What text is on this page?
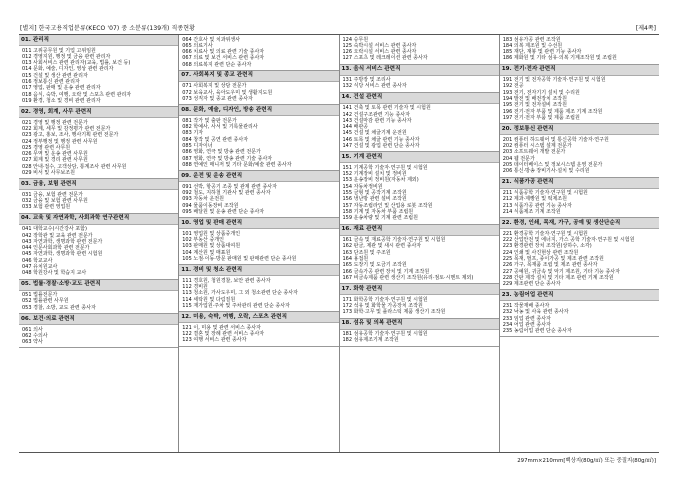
[별지] 한국고용직업분류(KECO '07) 중 소분류(139개) 직종현황	[제4쪽]
01. 관리직
011 고위공무원 및 기업 고위임원
012 경영지원, 행정 및 금융 관련 관리자
013 사회서비스 관련 관리자(교육, 법률, 보건 등)
014 문화, 예술, 디자인, 영상 관련 관리자
015 건설 및 생산 관련 관리자
016 정보통신 관련 관리자
017 영업, 판매 및 운송 관련 관리자
018 음식, 숙박, 여행, 오락 및 스포츠 관련 관리자
019 환경, 청소 및 경비 관련 관리자
02. 경영, 회계, 사무 관련직
021 경영 및 행정 관련 전문가
022 회계, 세무 및 감정평가 관련 전문가
023 광고, 홍보, 조사, 행사기획 관련 전문가
024 정부행정 및 행정 관련 사무원
025 경영 관련 사무원
026 무역 및 운송 관련 사무원
027 회계 및 경리 관련 사무원
028 안내·접수, 고객상담, 통계조사 관련 사무원
029 비서 및 사무보조원
03. 금융, 보험 관련직
031 금융, 보험 관련 전문가
032 금융 및 보험 관련 사무원
033 보험 관련 영업원
04. 교육 및 자연과학, 사회과학 연구관련직
041 대학교수(시간강사 포함)
042 장학관 및 교육 관련 전문가
043 자연과학, 생명과학 관련 전문가
044 인문사회과학 관련 전문가
045 자연과학, 생명과학 관련 시험원
046 학교교사
047 유치원교사
048 학원강사 및 학습지 교사
05. 법률·경찰·소방·교도 관련직
051 법률전문가
052 법률관련 사무원
053 경찰, 소방, 교도 관련 종사자
06. 보건·의료 관련직
061 의사
062 수의사
063 약사
064 간호사 및 치과위생사
065 의료기사
066 치료사 및 의료 관련 기술 종사자
067 의료 및 보건 서비스 관련 종사자
068 의료복지 관련 단순 종사자
07. 사회복지 및 종교 관련직
071 사회복지 및 상담 전문가
072 보육교사, 육아도우미 및 생활지도원
073 성직자 및 종교 관련 종사자
08. 문화, 예술, 디자인, 방송 관련직
081 작가 및 출판 전문가
082 학예사, 사서 및 기록물관리사
083 기자
084 창작 및 공연 관련 종사자
085 디자이너
086 영화, 연극 및 방송 관련 전문가
087 영화, 연극 및 방송 관련 기술 종사자
088 연예인 매니저 및 기타 문화/예술 관련 종사자
09. 운전 및 운송 관련직
091 선박, 항공기 조종 및 관제 관련 종사자
092 철도, 지하철 기관사 및 관련 종사자
093 자동차 운전원
094 물품이동장비 조작원
095 배달원 및 운송 관련 단순 종사자
10. 영업 및 판매 관련직
101 영업원 및 상품중개인
102 부동산 중개인
103 판매원 및 상품대여원
104 계산원 및 매표원
105 노점·이동·방문 판매원 및 판매관련 단순 종사원
11. 경비 및 청소 관련직
111 경호원, 청원경찰, 보안 관련 종사자
112 경비원
113 청소원, 가사도우미, 그 외 청소관련 단순 종사자
114 세탁원 및 다림질원
115 재가업원·주차 및 주차관리 관련 단순 종사자
12. 미용, 숙박, 여행, 오락, 스포츠 관련직
121 이, 미용 및 관련 서비스 종사자
122 결혼 및 장례 관련 서비스 종사자
123 여행 서비스 관련 종사자
124 승무원
125 숙박시설 서비스 관련 종사자
126 오락시설 서비스 관련 종사자
127 스포츠 및 레크레이션 관련 종사자
13. 음식 서비스 관련직
131 주방장 및 조리사
132 식당 서비스 관련 종사자
14. 건설 관련직
141 건축 및 토목 관련 기술자 및 시험원
142 건설구조관련 기능 종사자
143 건설마감 관련 기능 종사자
144 배관공
145 건설 및 채굴기계 운전원
146 토목 및 채굴 관련 기능 종사자
147 건설 및 광업 관련 단순 종사자
15. 기계 관련직
151 기계공학 기술자·연구원 및 시험원
152 기계장비 설치 및 정비원
153 운송장비 정비원(자동차 제외)
154 자동차정비원
155 금형 및 공작기계 조작원
156 냉난방 관련 설비 조작원
157 자동조립라인 및 산업용 로봇 조작원
158 기계 및 자동차 부품 조립원
159 운송차량 및 기계 관련 조립원
16. 재료 관련직
161 금속 및 재료공학 기술자·연구원 및 시험원
162 판금, 제관 및 새시 관련 종사자
163 단조원 및 주조원
164 용접원
165 도장기 및 도금기 조작원
166 금속가공 관련 장치 및 기계 조작원
167 비금속제품 관련 생산기 조작원(유리·점토·시멘트 제외)
17. 화학 관련직
171 화학공학 기술자·연구원 및 시험원
172 석유 및 화학물 가공장치 조작원
173 화학·고무 및 플라스틱 제품 생산기 조작원
18. 섬유 및 의복 관련직
181 섬유공학 기술자·연구원 및 시험원
182 섬유제조기계 조작원
183 섬유가공 관련 조작원
184 의복 제조원 및 수선원
185 재단, 재봉 및 관련 기능 종사자
186 제화원 및 기타 섬유·의복 기계조작원 및 조립원
19. 전기·전자 관련직
191 전기 및 전자공학 기술자·연구원 및 시험원
192 전공
193 전기, 전자기기 설치 및 수리원
194 발전 및 배전장치 조작원
195 전기 및 전자설비 조작원
196 전기·전자 부품 및 제품 제조 기계 조작원
197 전기·전자 부품 및 제품 조립원
20. 정보통신 관련직
201 컴퓨터 하드웨어 및 통신공학 기술자·연구원
202 컴퓨터 시스템 설계 전문가
203 소프트웨어 개발 전문가
204 웹 전문가
205 데이터베이스 및 정보시스템 운영 전문가
206 통신·방송 장비기사·설치 및 수리원
21. 식품가공 관련직
211 식품공학 기술자·연구원 및 시험원
212 제과·제빵원 및 떡제조원
213 식품가공 관련 기능 종사자
214 식품제조 기계 조작원
22. 환경, 인쇄, 목재, 가구, 공예 및 생산단순직
221 환경공학 기술자·연구원 및 시험원
222 산업안전 및 에너지, 가스 공학 기술자·연구원 및 시험원
223 환경관련 장치 조작원(상하수, 소각)
224 인쇄 및 사진현상 관련 조작원
225 목재, 펄프, 종이가공 및 제조 관련 조작원
226 가구, 목재품 조립 및 제조 관련 종사자
227 공예원, 귀금속 및 악기 제조원, 기타 기능 종사자
228 간판 제작 설치 및 기타 제조 관련 기계 조작원
229 제조관련 단순 종사자
23. 농림어업 관련직
231 작물재배 종사자
232 낙농 및 사육 관련 종사자
233 임업 관련 종사자
234 어업 관련 종사자
235 농림어업 관련 단순 종사자
297mm×210mm[백상지(80g/㎡) 또는 중질지(80g/㎡)]
